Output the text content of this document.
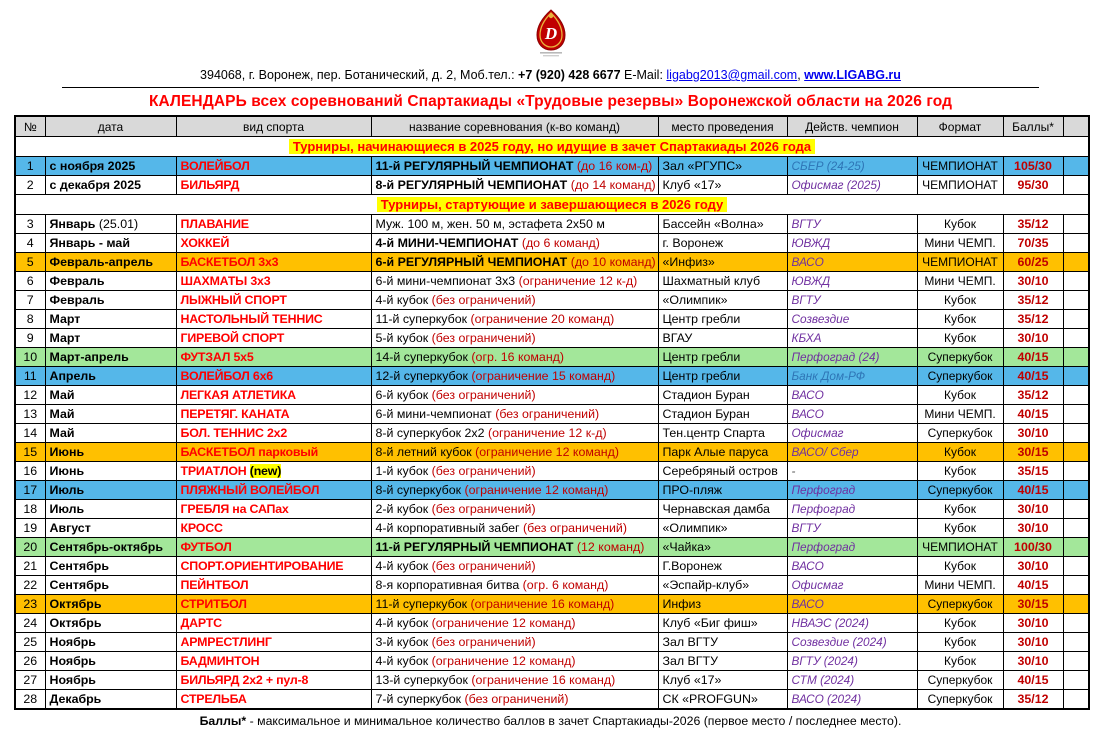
D
394068, г. Воронеж, пер. Ботанический, д. 2, Моб.тел.: +7 (920) 428 6677 E-Mail: ligabg2013@gmail.com, www.LIGABG.ru
КАЛЕНДАРЬ всех соревнований Спартакиады «Трудовые резервы» Воронежской области на 2026 год
№	дата	вид спорта	название соревнования (к-во команд)	место проведения	Действ. чемпион	Формат	Баллы*	
Турниры, начинающиеся в 2025 году, но идущие в зачет Спартакиады 2026 года								
1	с ноября 2025	ВОЛЕЙБОЛ	11-й РЕГУЛЯРНЫЙ ЧЕМПИОНАТ (до 16 ком-д)	Зал «РГУПС»	СБЕР (24-25)	ЧЕМПИОНАТ	105/30	
2	с декабря 2025	БИЛЬЯРД	8-й РЕГУЛЯРНЫЙ ЧЕМПИОНАТ (до 14 команд)	Клуб «17»	Офисмаг (2025)	ЧЕМПИОНАТ	95/30	
Турниры, стартующие и завершающиеся в 2026 году								
3	Январь (25.01)	ПЛАВАНИЕ	Муж. 100 м, жен. 50 м, эстафета 2х50 м	Бассейн «Волна»	ВГТУ	Кубок	35/12	
4	Январь - май	ХОККЕЙ	4-й МИНИ-ЧЕМПИОНАТ (до 6 команд)	г. Воронеж	ЮВЖД	Мини ЧЕМП.	70/35	
5	Февраль-апрель	БАСКЕТБОЛ 3х3	6-й РЕГУЛЯРНЫЙ ЧЕМПИОНАТ (до 10 команд)	«Инфиз»	ВАСО	ЧЕМПИОНАТ	60/25	
6	Февраль	ШАХМАТЫ 3х3	6-й мини-чемпионат 3х3 (ограничение 12 к-д)	Шахматный клуб	ЮВЖД	Мини ЧЕМП.	30/10	
7	Февраль	ЛЫЖНЫЙ СПОРТ	4-й кубок (без ограничений)	«Олимпик»	ВГТУ	Кубок	35/12	
8	Март	НАСТОЛЬНЫЙ ТЕННИС	11-й суперкубок (ограничение 20 команд)	Центр гребли	Созвездие	Кубок	35/12	
9	Март	ГИРЕВОЙ СПОРТ	5-й кубок (без ограничений)	ВГАУ	КБХА	Кубок	30/10	
10	Март-апрель	ФУТЗАЛ 5х5	14-й суперкубок (огр. 16 команд)	Центр гребли	Перфоград (24)	Суперкубок	40/15	
11	Апрель	ВОЛЕЙБОЛ 6х6	12-й суперкубок (ограничение 15 команд)	Центр гребли	Банк Дом-РФ	Суперкубок	40/15	
12	Май	ЛЕГКАЯ АТЛЕТИКА	6-й кубок (без ограничений)	Стадион Буран	ВАСО	Кубок	35/12	
13	Май	ПЕРЕТЯГ. КАНАТА	6-й мини-чемпионат (без ограничений)	Стадион Буран	ВАСО	Мини ЧЕМП.	40/15	
14	Май	БОЛ. ТЕННИС 2х2	8-й суперкубок 2х2 (ограничение 12 к-д)	Тен.центр Спарта	Офисмаг	Суперкубок	30/10	
15	Июнь	БАСКЕТБОЛ парковый	8-й летний кубок (ограничение 12 команд)	Парк Алые паруса	ВАСО/ Сбер	Кубок	30/15	
16	Июнь	ТРИАТЛОН (new)	1-й кубок (без ограничений)	Серебряный остров	-	Кубок	35/15	
17	Июль	ПЛЯЖНЫЙ ВОЛЕЙБОЛ	8-й суперкубок (ограничение 12 команд)	ПРО-пляж	Перфоград	Суперкубок	40/15	
18	Июль	ГРЕБЛЯ на САПах	2-й кубок (без ограничений)	Чернавская дамба	Перфоград	Кубок	30/10	
19	Август	КРОСС	4-й корпоративный забег (без ограничений)	«Олимпик»	ВГТУ	Кубок	30/10	
20	Сентябрь-октябрь	ФУТБОЛ	11-й РЕГУЛЯРНЫЙ ЧЕМПИОНАТ (12 команд)	«Чайка»	Перфоград	ЧЕМПИОНАТ	100/30	
21	Сентябрь	СПОРТ.ОРИЕНТИРОВАНИЕ	4-й кубок (без ограничений)	Г.Воронеж	ВАСО	Кубок	30/10	
22	Сентябрь	ПЕЙНТБОЛ	8-я корпоративная битва (огр. 6 команд)	«Эспайр-клуб»	Офисмаг	Мини ЧЕМП.	40/15	
23	Октябрь	СТРИТБОЛ	11-й суперкубок (ограничение 16 команд)	Инфиз	ВАСО	Суперкубок	30/15	
24	Октябрь	ДАРТС	4-й кубок (ограничение 12 команд)	Клуб «Биг фиш»	НВАЭС (2024)	Кубок	30/10	
25	Ноябрь	АРМРЕСТЛИНГ	3-й кубок (без ограничений)	Зал ВГТУ	Созвездие (2024)	Кубок	30/10	
26	Ноябрь	БАДМИНТОН	4-й кубок (ограничение 12 команд)	Зал ВГТУ	ВГТУ (2024)	Кубок	30/10	
27	Ноябрь	БИЛЬЯРД 2х2 + пул-8	13-й суперкубок (ограничение 16 команд)	Клуб «17»	СТМ (2024)	Суперкубок	40/15	
28	Декабрь	СТРЕЛЬБА	7-й суперкубок (без ограничений)	СК «PROFGUN»	ВАСО (2024)	Суперкубок	35/12	
Баллы* - максимальное и минимальное количество баллов в зачет Спартакиады-2026 (первое место / последнее место).
